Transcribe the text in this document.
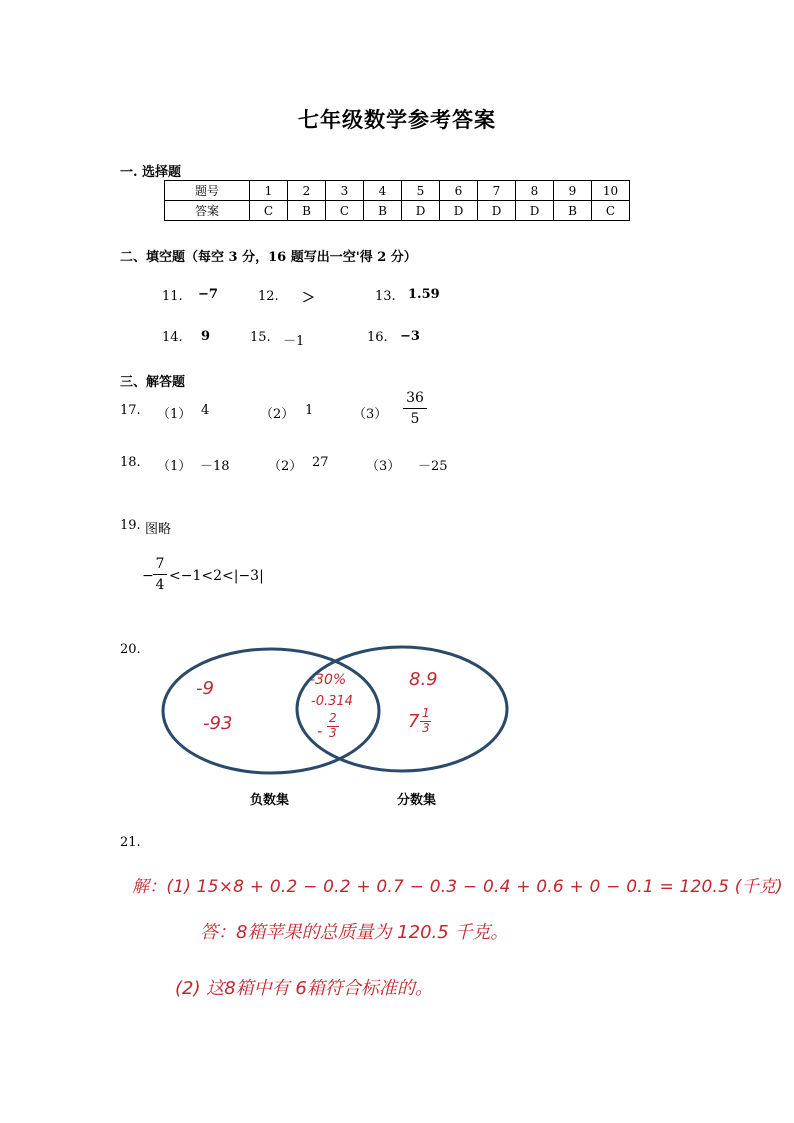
七年级数学参考答案
一. 选择题
题号	1	2	3	4	5	6	7	8	9	10
答案	C	B	C	B	D	D	D	D	B	C
二、填空题（每空 3 分，16 题写出一空'得 2 分）
11. −7	12. ＞	13. 1.59
14. 9	15. －1	16. −3
三、解答题
17. （1） 4	（2） 1	（3）
36
5
18. （1） －18	（2） 27	（3） －25
19. 图略
−
7
4
<−1<2<|−3|
20.
-9
-93
-30%
-0.314
-
2
3
8.9
7 1
3
负数集	分数集
21.
解：(1) 15×8 + 0.2 − 0.2 + 0.7 − 0.3 − 0.4 + 0.6 + 0 − 0.1 = 120.5 (千克)
答：8箱苹果的总质量为 120.5 千克。
(2) 这8箱中有 6箱符合标准的。
